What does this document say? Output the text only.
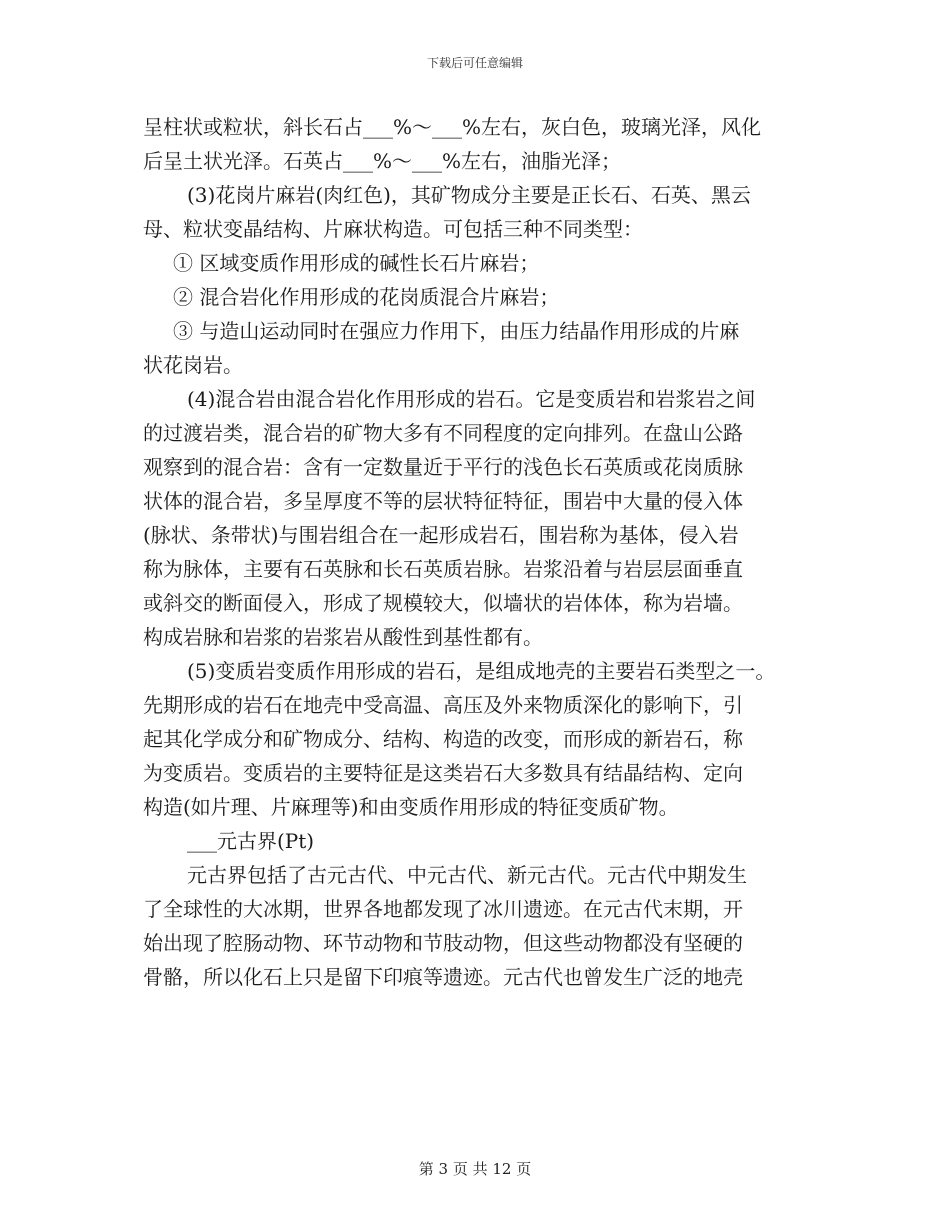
下载后可任意编辑
呈柱状或粒状，斜长石占___%～___%左右，灰白色，玻璃光泽，风化
后呈土状光泽。石英占___%～___%左右，油脂光泽；
(3)花岗片麻岩(肉红色)，其矿物成分主要是正长石、石英、黑云
母、粒状变晶结构、片麻状构造。可包括三种不同类型：
① 区域变质作用形成的碱性长石片麻岩；
② 混合岩化作用形成的花岗质混合片麻岩；
③ 与造山运动同时在强应力作用下，由压力结晶作用形成的片麻
状花岗岩。
(4)混合岩由混合岩化作用形成的岩石。它是变质岩和岩浆岩之间
的过渡岩类，混合岩的矿物大多有不同程度的定向排列。在盘山公路
观察到的混合岩：含有一定数量近于平行的浅色长石英质或花岗质脉
状体的混合岩，多呈厚度不等的层状特征特征，围岩中大量的侵入体
(脉状、条带状)与围岩组合在一起形成岩石，围岩称为基体，侵入岩
称为脉体，主要有石英脉和长石英质岩脉。岩浆沿着与岩层层面垂直
或斜交的断面侵入，形成了规模较大，似墙状的岩体体，称为岩墙。
构成岩脉和岩浆的岩浆岩从酸性到基性都有。
(5)变质岩变质作用形成的岩石，是组成地壳的主要岩石类型之一。
先期形成的岩石在地壳中受高温、高压及外来物质深化的影响下，引
起其化学成分和矿物成分、结构、构造的改变，而形成的新岩石，称
为变质岩。变质岩的主要特征是这类岩石大多数具有结晶结构、定向
构造(如片理、片麻理等)和由变质作用形成的特征变质矿物。
___元古界(Pt)
元古界包括了古元古代、中元古代、新元古代。元古代中期发生
了全球性的大冰期，世界各地都发现了冰川遗迹。在元古代末期，开
始出现了腔肠动物、环节动物和节肢动物，但这些动物都没有坚硬的
骨骼，所以化石上只是留下印痕等遗迹。元古代也曾发生广泛的地壳
第 3 页 共 12 页
